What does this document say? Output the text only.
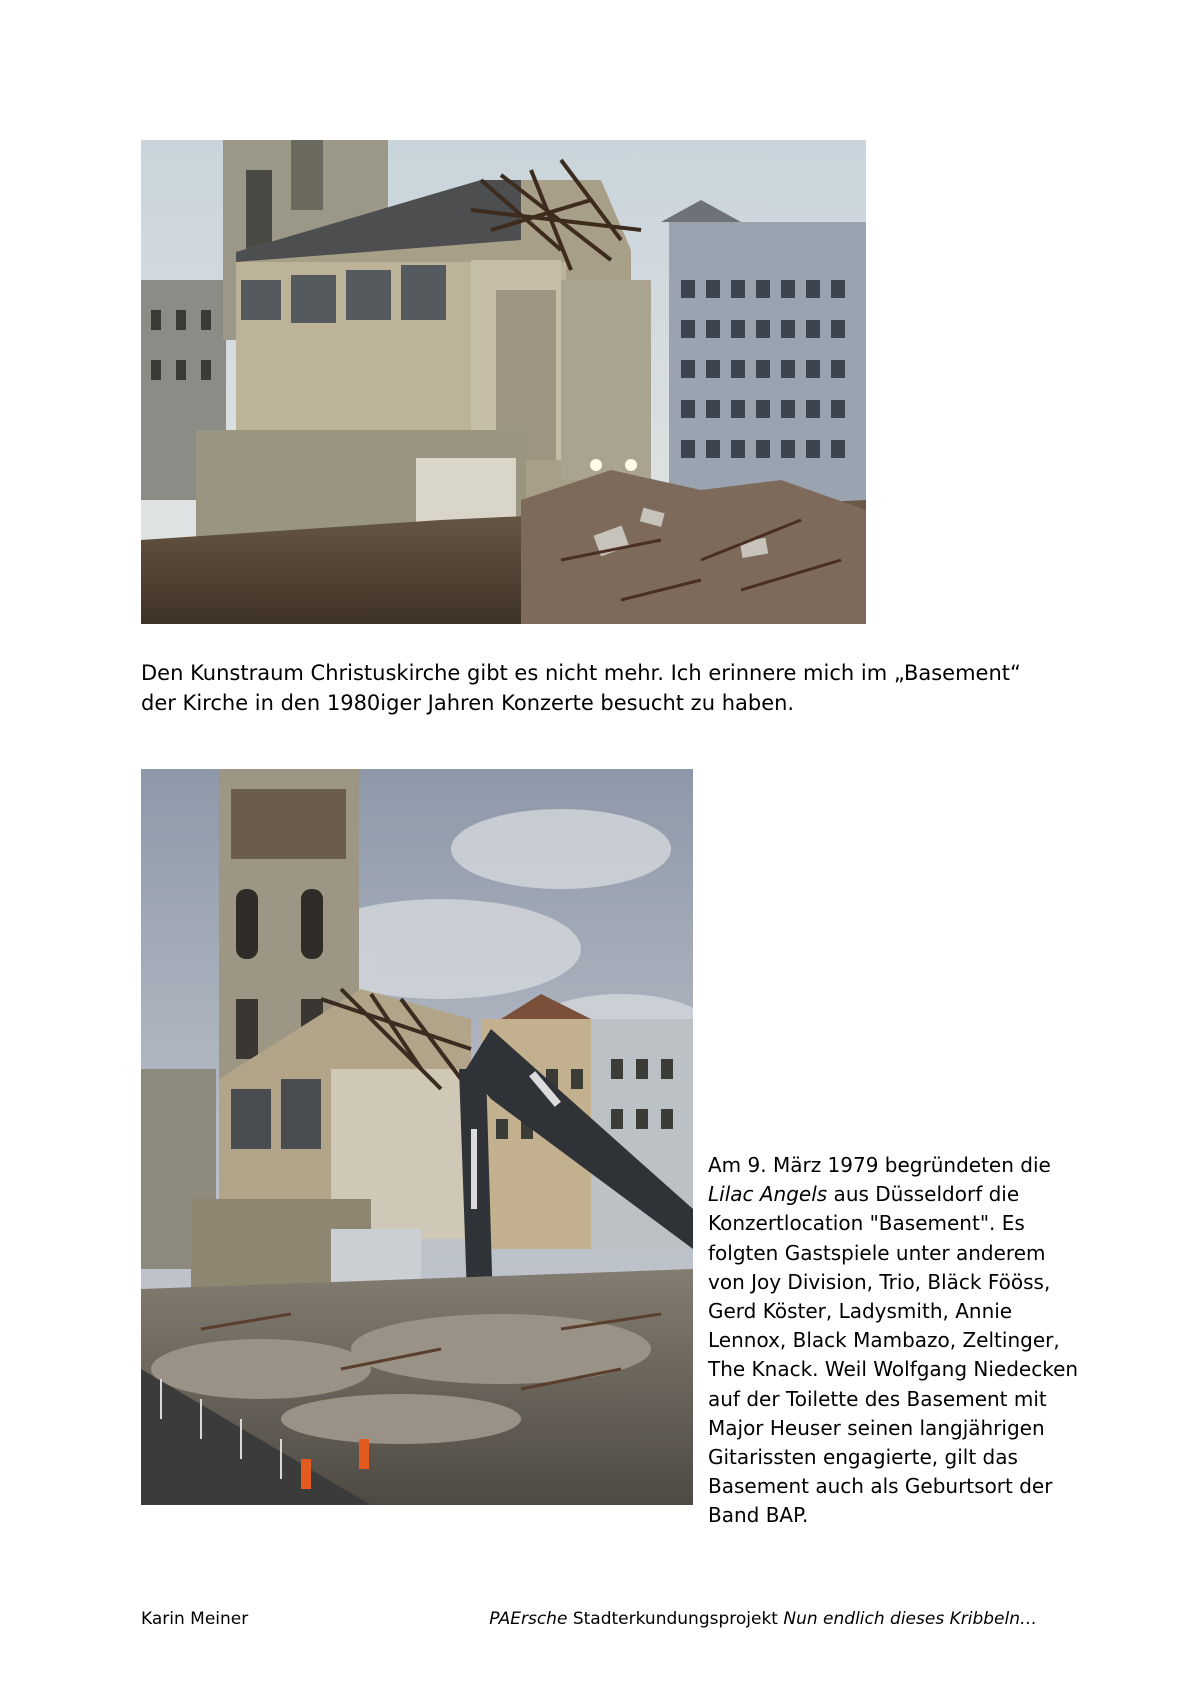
Den Kunstraum Christuskirche gibt es nicht mehr. Ich erinnere mich im „Basement“ der Kirche in den 1980iger Jahren Konzerte besucht zu haben.

Am 9. März 1979 begründeten die Lilac Angels aus Düsseldorf die Konzertlocation "Basement". Es folgten Gastspiele unter anderem von Joy Division, Trio, Bläck Fööss, Gerd Köster, Ladysmith, Annie Lennox, Black Mambazo, Zeltinger, The Knack. Weil Wolfgang Niedecken auf der Toilette des Basement mit Major Heuser seinen langjährigen Gitarissten engagierte, gilt das Basement auch als Geburtsort der Band BAP.

Karin Meiner	PAErsche Stadterkundungsprojekt Nun endlich dieses Kribbeln…
